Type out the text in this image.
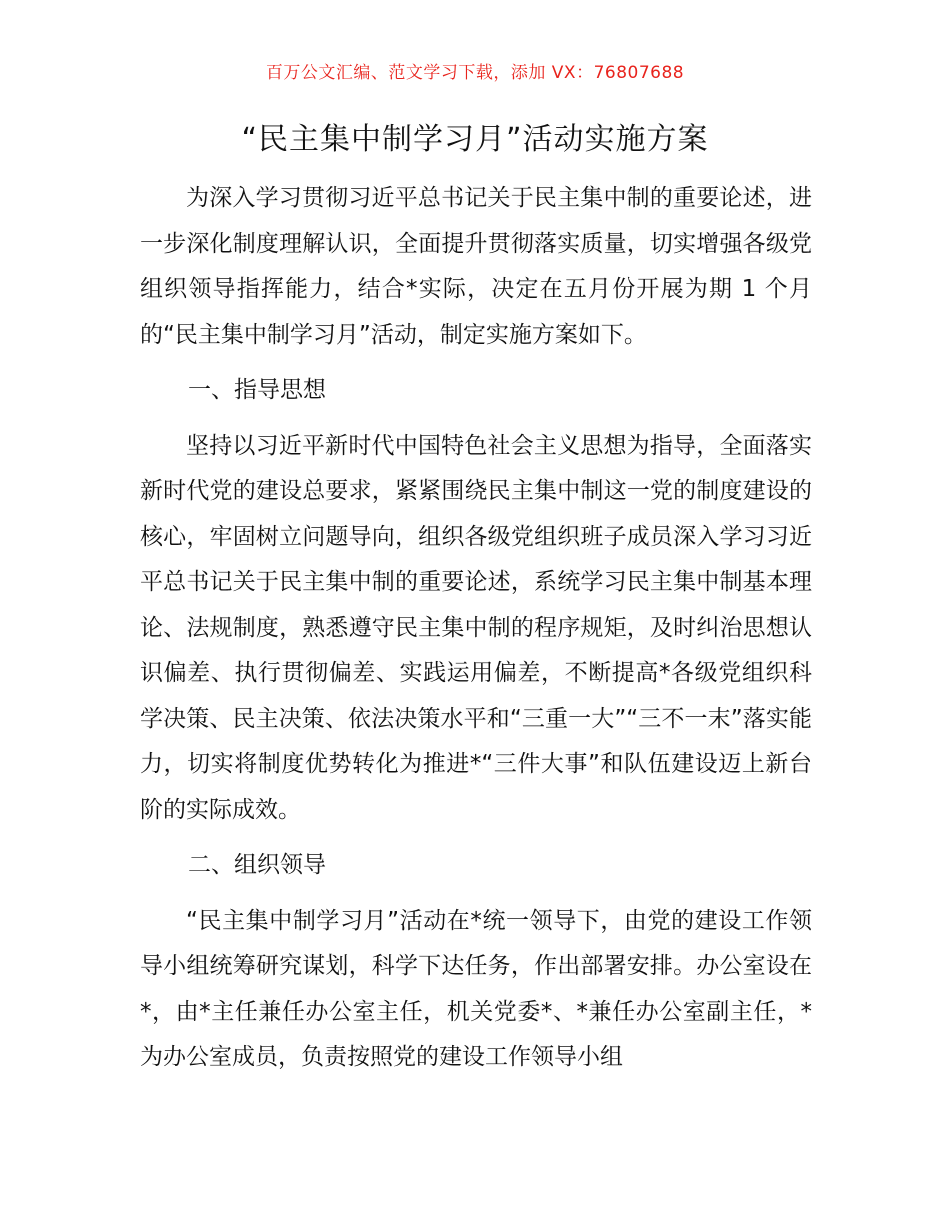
百万公文汇编、范文学习下载，添加 VX：76807688
“民主集中制学习月”活动实施方案

为深入学习贯彻习近平总书记关于民主集中制的重要论述，进一步深化制度理解认识，全面提升贯彻落实质量，切实增强各级党组织领导指挥能力，结合*实际，决定在五月份开展为期 1 个月的“民主集中制学习月”活动，制定实施方案如下。

一、指导思想

坚持以习近平新时代中国特色社会主义思想为指导，全面落实新时代党的建设总要求，紧紧围绕民主集中制这一党的制度建设的核心，牢固树立问题导向，组织各级党组织班子成员深入学习习近平总书记关于民主集中制的重要论述，系统学习民主集中制基本理论、法规制度，熟悉遵守民主集中制的程序规矩，及时纠治思想认识偏差、执行贯彻偏差、实践运用偏差，不断提高*各级党组织科学决策、民主决策、依法决策水平和“三重一大”“三不一末”落实能力，切实将制度优势转化为推进*“三件大事”和队伍建设迈上新台阶的实际成效。

二、组织领导

“民主集中制学习月”活动在*统一领导下，由党的建设工作领导小组统筹研究谋划，科学下达任务，作出部署安排。办公室设在*，由*主任兼任办公室主任，机关党委*、*兼任办公室副主任，*为办公室成员，负责按照党的建设工作领导小组
